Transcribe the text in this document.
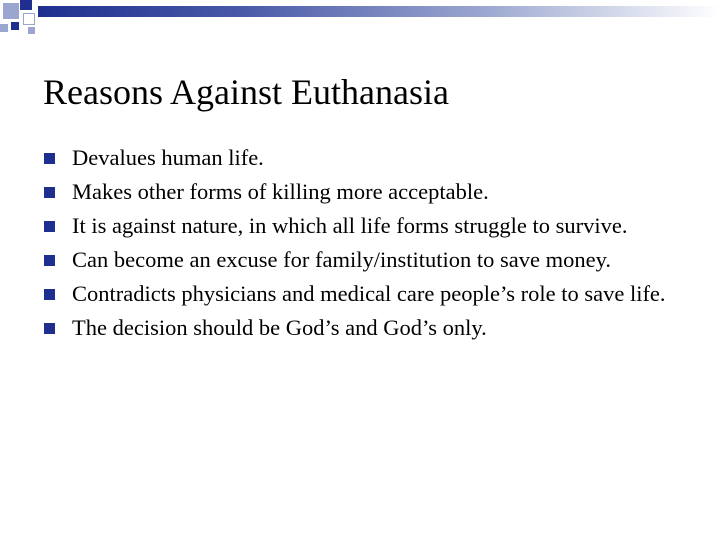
Reasons Against Euthanasia
Devalues human life.
Makes other forms of killing more acceptable.
It is against nature, in which all life forms struggle to survive.
Can become an excuse for family/institution to save money.
Contradicts physicians and medical care people’s role to save life.
The decision should be God’s and God’s only.
